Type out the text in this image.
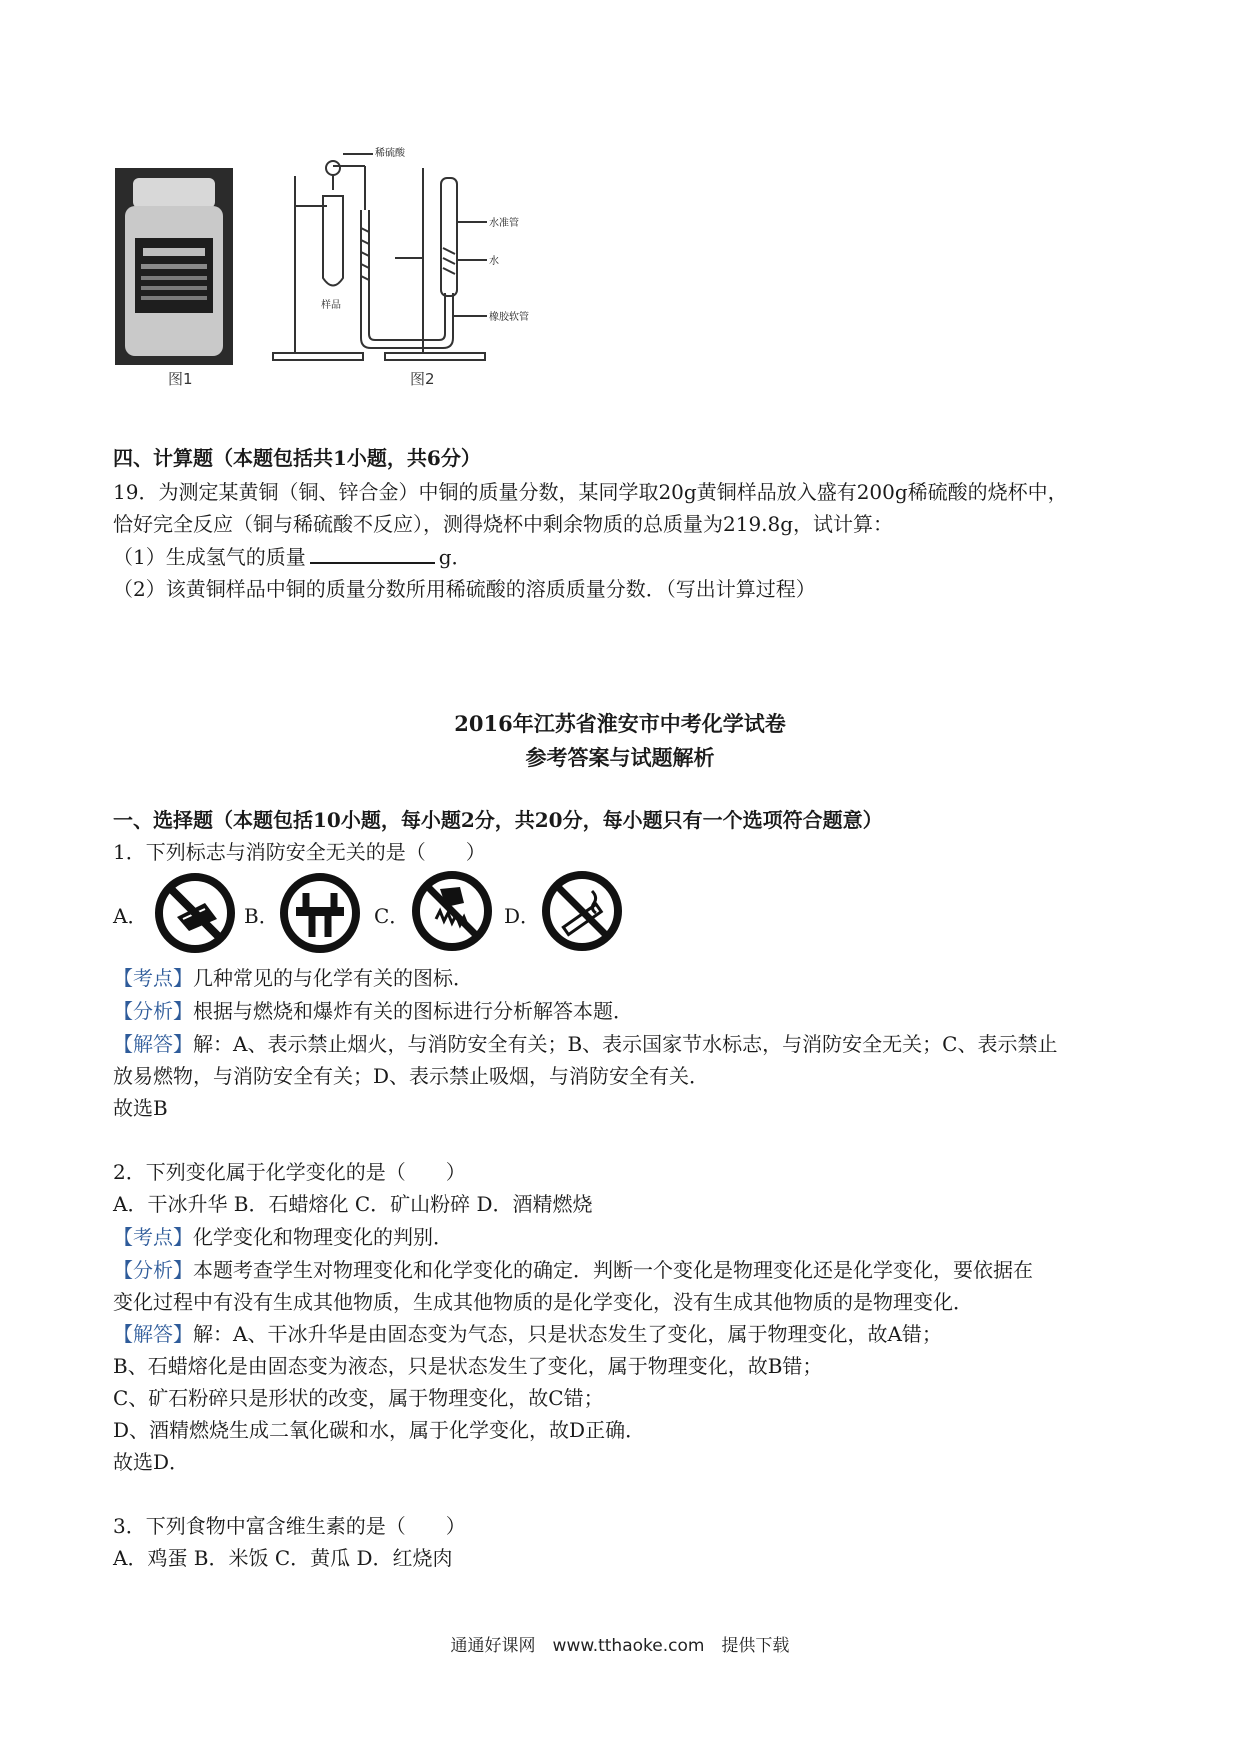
图1
稀硫酸
水准管
水
橡胶软管
样品
图2
四、计算题（本题包括共1小题，共6分）
19．为测定某黄铜（铜、锌合金）中铜的质量分数，某同学取20g黄铜样品放入盛有200g稀硫酸的烧杯中，
恰好完全反应（铜与稀硫酸不反应），测得烧杯中剩余物质的总质量为219.8g，试计算：
（1）生成氢气的质量	g．
（2）该黄铜样品中铜的质量分数所用稀硫酸的溶质质量分数．（写出计算过程）
2016年江苏省淮安市中考化学试卷
参考答案与试题解析
一、选择题（本题包括10小题，每小题2分，共20分，每小题只有一个选项符合题意）
1．下列标志与消防安全无关的是（　　）
A．	B．	C．	D．
【考点】几种常见的与化学有关的图标．
【分析】根据与燃烧和爆炸有关的图标进行分析解答本题．
【解答】解：A、表示禁止烟火，与消防安全有关；B、表示国家节水标志，与消防安全无关；C、表示禁止
放易燃物，与消防安全有关；D、表示禁止吸烟，与消防安全有关．
故选B
2．下列变化属于化学变化的是（　　）
A．干冰升华 B．石蜡熔化 C．矿山粉碎 D．酒精燃烧
【考点】化学变化和物理变化的判别．
【分析】本题考查学生对物理变化和化学变化的确定．判断一个变化是物理变化还是化学变化，要依据在
变化过程中有没有生成其他物质，生成其他物质的是化学变化，没有生成其他物质的是物理变化．
【解答】解：A、干冰升华是由固态变为气态，只是状态发生了变化，属于物理变化，故A错；
B、石蜡熔化是由固态变为液态，只是状态发生了变化，属于物理变化，故B错；
C、矿石粉碎只是形状的改变，属于物理变化，故C错；
D、酒精燃烧生成二氧化碳和水，属于化学变化，故D正确．
故选D．
3．下列食物中富含维生素的是（　　）
A．鸡蛋 B．米饭 C．黄瓜 D．红烧肉
通通好课网　www.tthaoke.com　提供下载
